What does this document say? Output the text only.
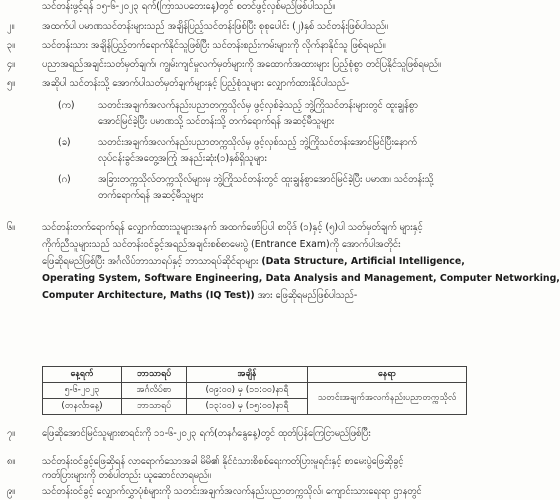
သင်တန်းဖွင့်ရန် ၁၅-၆-၂၀၂၃ ရက်(ကြာသပတေးနေ့)တွင် စတင်ဖွင့်လှစ်မည်ဖြစ်ပါသည်။
၂။	အထက်ပါ ပမာဏသင်တန်းများသည် အချိန်ပြည့်သင်တန်းဖြစ်ပြီး စုစုပေါင်း (၂)နှစ် သင်တန်းဖြစ်ပါသည်။
၃။	သင်တန်းသား အချိန်ပြည့်တက်ရောက်နိုင်သူဖြစ်ပြီး သင်တန်းစည်းကမ်းများကို လိုက်နာနိုင်သူ ဖြစ်ရမည်။
၄။	ပညာအရည်အချင်းသတ်မှတ်ချက်၊ ကျွမ်းကျင်မှုလက်မှတ်များကို အထောက်အထားများ ပြည့်စုံစွာ တင်ပြနိုင်သူဖြစ်ရမည်။
၅။	အဆိုပါ သင်တန်းသို့ အောက်ပါသတ်မှတ်ချက်များနှင့် ပြည့်စုံသူများ လျှောက်ထားနိုင်ပါသည်-
(က)	သတင်းအချက်အလက်နည်းပညာတက္ကသိုလ်မှ ဖွင့်လှစ်ခဲ့သည့် ဘွဲ့ကြိုသင်တန်းများတွင် ထူးချွန်စွာ
အောင်မြင်ခဲ့ပြီး ပမာဏသို့ သင်တန်းသို့ တက်ရောက်ရန် အဆင့်မီသူများ
(ခ)	သတင်းအချက်အလက်နည်းပညာတက္ကသိုလ်မှ ဖွင့်လှစ်သည့် ဘွဲ့ကြိုသင်တန်းအောင်မြင်ပြီးနောက်
လုပ်ငန်းခွင်အတွေ့အကြုံ အနည်းဆုံး(၁)နှစ်ရှိသူများ
(ဂ)	အခြားတက္ကသိုလ်တက္ကသိုလ်များမှ ဘွဲ့ကြိုသင်တန်းတွင် ထူးချွန်စွာအောင်မြင်ခဲ့ပြီး ပမာဏ၊ သင်တန်းသို့
တက်ရောက်ရန် အဆင့်မီသူများ
၆။	သင်တန်းတက်ရောက်ရန် လျှောက်ထားသူများအနက် အထက်ဖော်ပြပါ စာပိုဒ် (၁)နှင့် (၅)ပါ သတ်မှတ်ချက် များနှင့်
ကိုက်ညီသူများသည် သင်တန်းဝင်ခွင့်အရည်အချင်းစစ်စာမေးပွဲ (Entrance Exam)ကို အောက်ပါအတိုင်း
ဖြေဆိုရမည်ဖြစ်ပြီး အင်္ဂလိပ်ဘာသာရပ်နှင့် ဘာသာရပ်ဆိုင်ရာများ (Data Structure, Artificial Intelligence,
Operating System, Software Engineering, Data Analysis and Management, Computer Networking,
Computer Architecture, Maths (IQ Test)) အား ဖြေဆိုရမည်ဖြစ်ပါသည်-
နေ့ရက်	ဘာသာရပ်	အချိန်	နေရာ
၅-၆-၂၀၂၃	အင်္ဂလိပ်စာ	(၀၉:၀၀) မှ (၁၁:၀၀)နာရီ	သတင်းအချက်အလက်နည်းပညာတက္ကသိုလ်
(တနင်္လာနေ့)	ဘာသာရပ်	(၁၃:၀၀) မှ (၁၅:၀၀)နာရီ	
၇။	ဖြေဆိုအောင်မြင်သူများစာရင်းကို ၁၁-၆-၂၀၂၃ ရက်(တနင်္ဂနွေနေ့)တွင် ထုတ်ပြန်ကြေငြာမည်ဖြစ်ပြီး
၈။	သင်တန်းဝင်ခွင့်ဖြေဆိုရန် လာရောက်သောအခါ မိမိ၏ နိုင်ငံသားစိစစ်ရေးကတ်ပြားမူရင်းနှင့် စာမေးပွဲဖြေဆိုခွင့်
ကတ်ပြားများကို တစ်ပါတည်း ယူဆောင်လာရမည်။
၉။	သင်တန်းဝင်ခွင့် လျှောက်လွှာပုံစံများကို သတင်းအချက်အလက်နည်းပညာတက္ကသိုလ်၊ ကျောင်းသားရေးရာ ဌာနတွင်
